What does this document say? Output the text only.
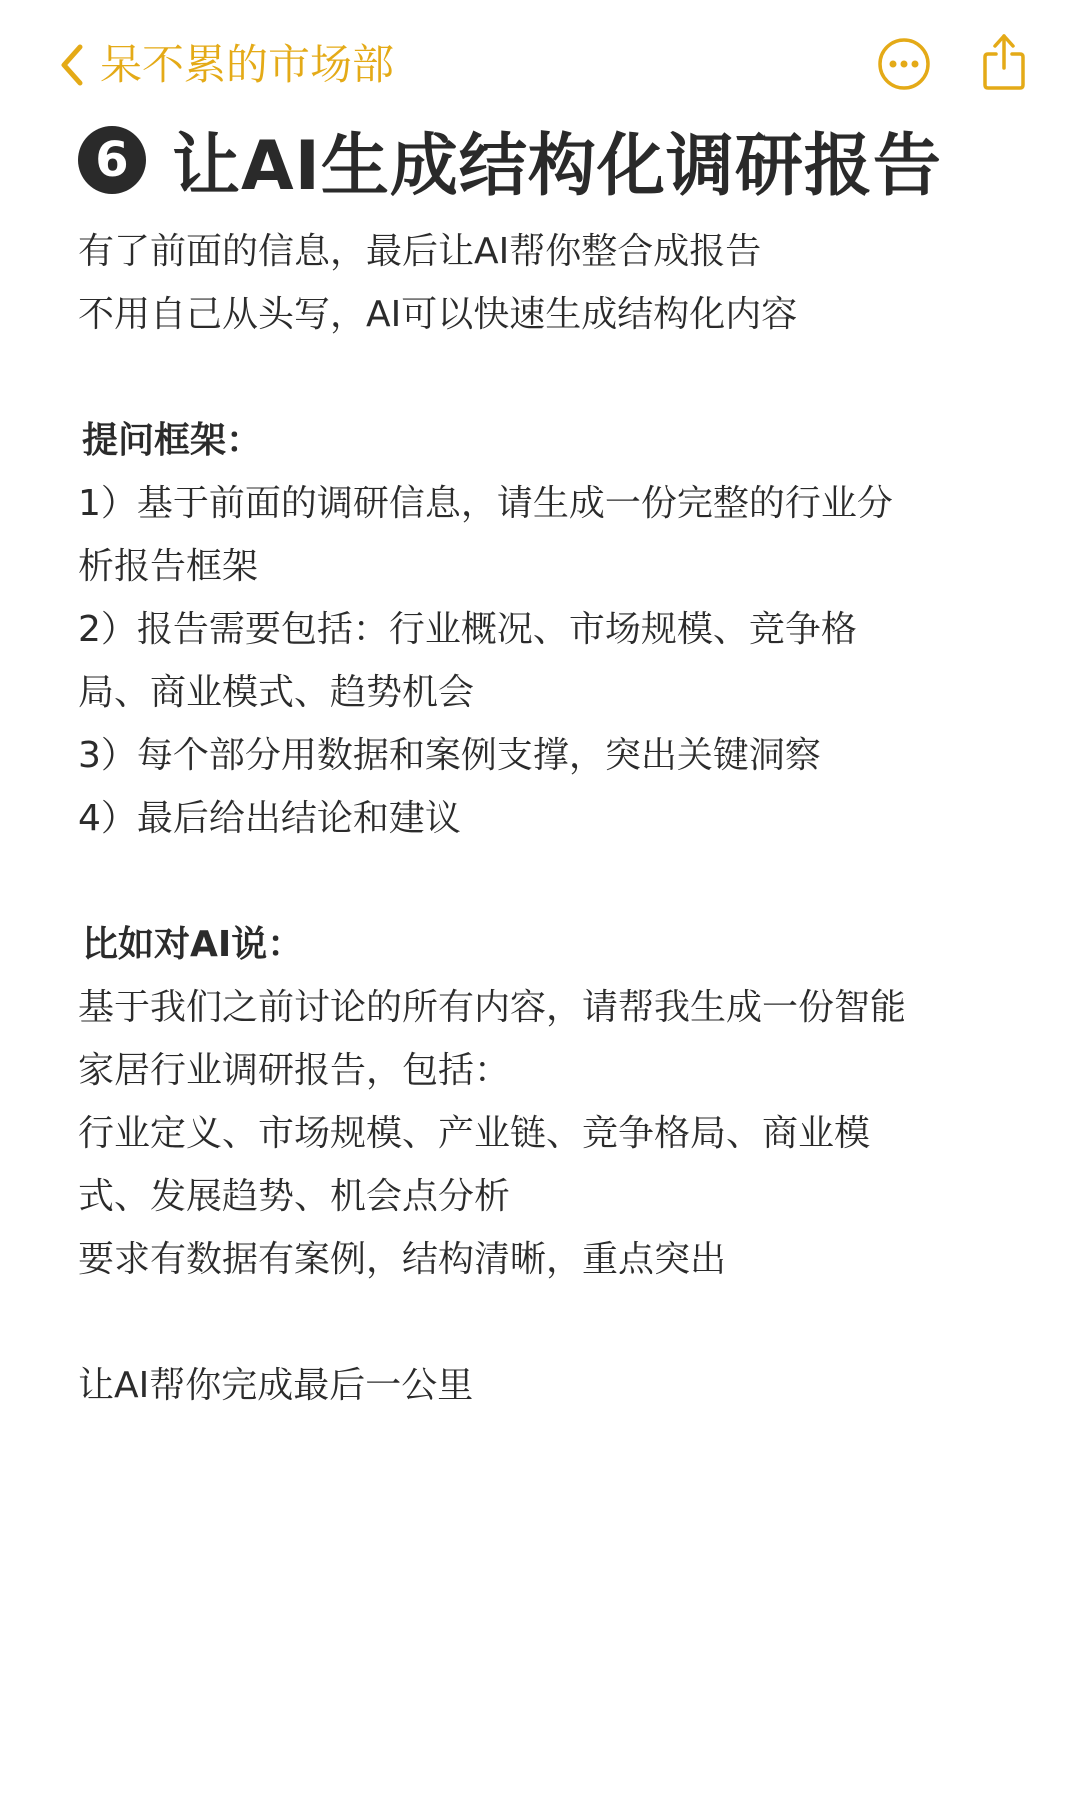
呆不累的市场部
6 让AI生成结构化调研报告
有了前面的信息，最后让AI帮你整合成报告
不用自己从头写，AI可以快速生成结构化内容
提问框架：
1）基于前面的调研信息，请生成一份完整的行业分
析报告框架
2）报告需要包括：行业概况、市场规模、竞争格
局、商业模式、趋势机会
3）每个部分用数据和案例支撑，突出关键洞察
4）最后给出结论和建议
比如对AI说：
基于我们之前讨论的所有内容，请帮我生成一份智能
家居行业调研报告，包括：
行业定义、市场规模、产业链、竞争格局、商业模
式、发展趋势、机会点分析
要求有数据有案例，结构清晰，重点突出
让AI帮你完成最后一公里
